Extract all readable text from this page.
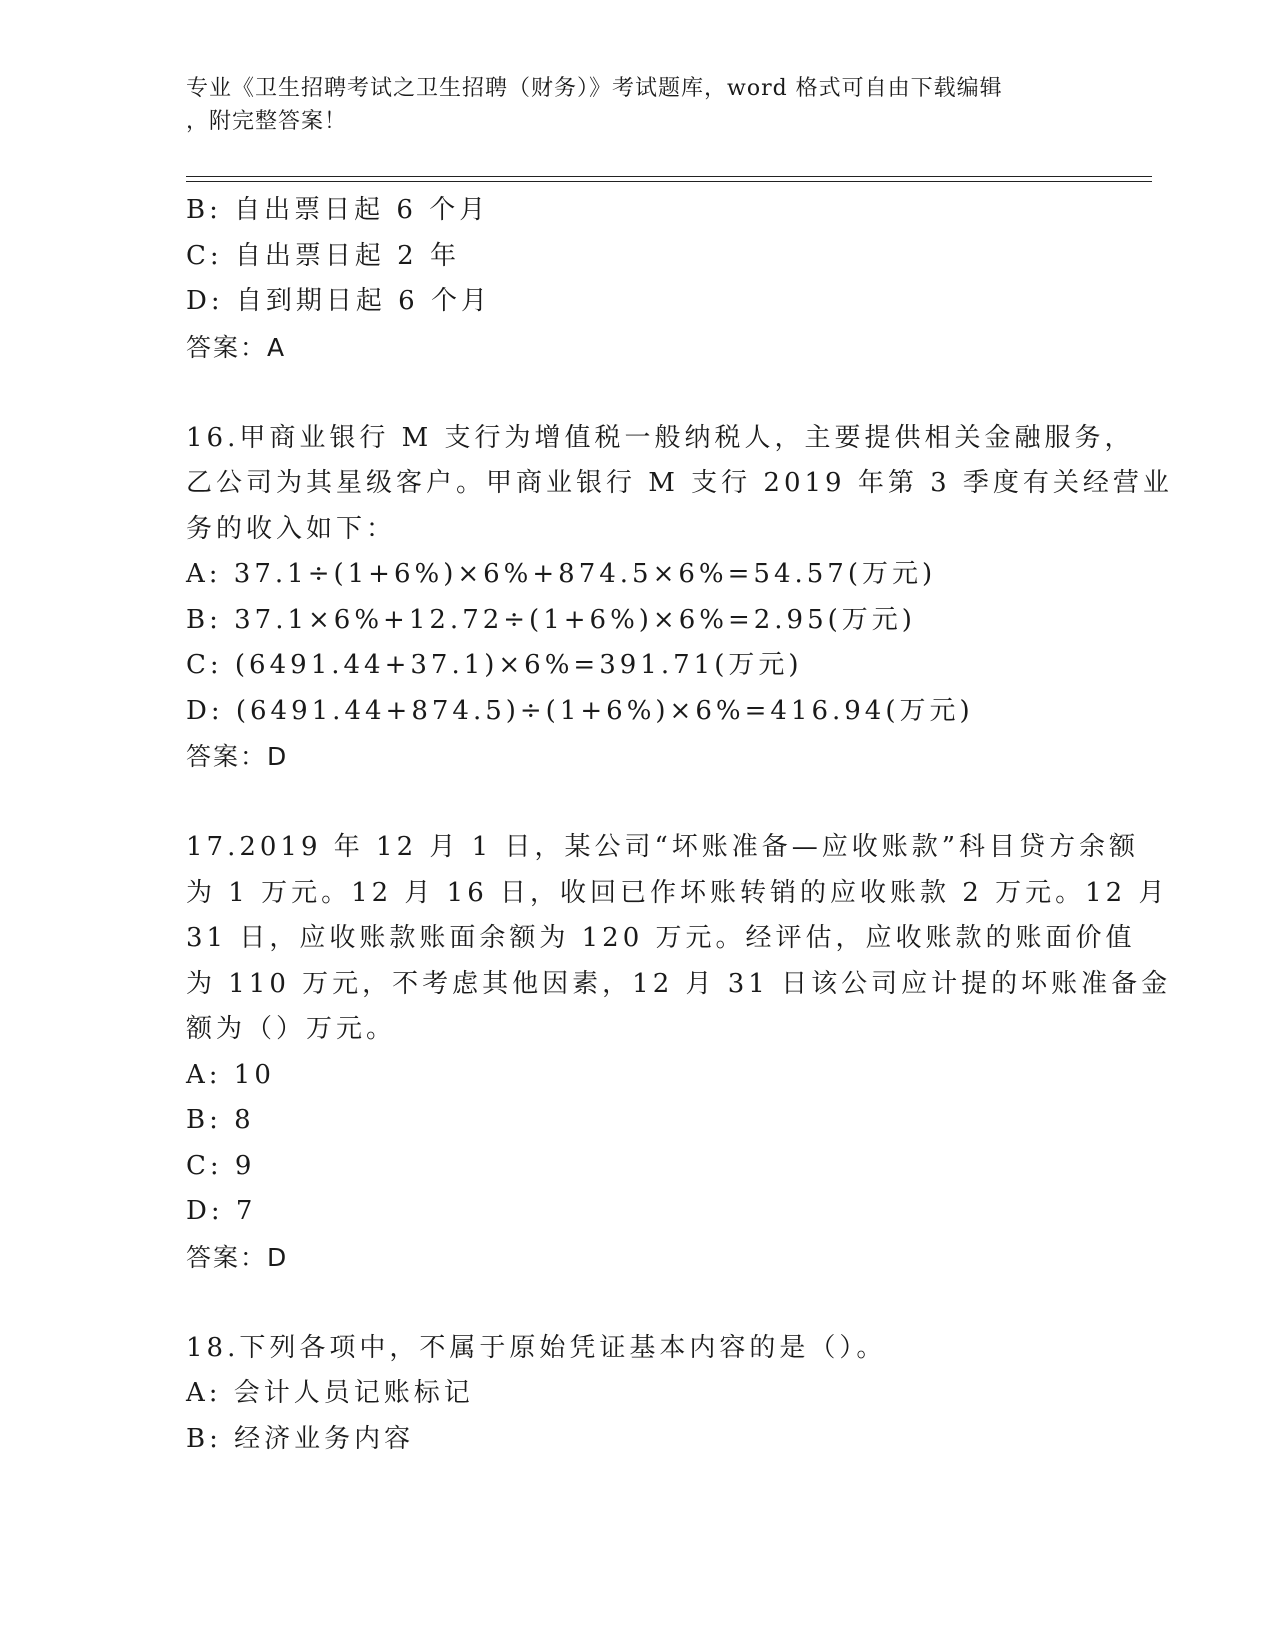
专业《卫生招聘考试之卫生招聘（财务）》考试题库，word 格式可自由下载编辑
，附完整答案！
B: 自出票日起 6 个月
C: 自出票日起 2 年
D: 自到期日起 6 个月
答案：A
16.甲商业银行 M 支行为增值税一般纳税人，主要提供相关金融服务，
乙公司为其星级客户。甲商业银行 M 支行 2019 年第 3 季度有关经营业
务的收入如下：
A: 37.1÷(1+6%)×6%+874.5×6%=54.57(万元)
B: 37.1×6%+12.72÷(1+6%)×6%=2.95(万元)
C: (6491.44+37.1)×6%=391.71(万元)
D: (6491.44+874.5)÷(1+6%)×6%=416.94(万元)
答案：D
17.2019 年 12 月 1 日，某公司“坏账准备—应收账款”科目贷方余额
为 1 万元。12 月 16 日，收回已作坏账转销的应收账款 2 万元。12 月
31 日，应收账款账面余额为 120 万元。经评估，应收账款的账面价值
为 110 万元，不考虑其他因素，12 月 31 日该公司应计提的坏账准备金
额为（）万元。
A: 10
B: 8
C: 9
D: 7
答案：D
18.下列各项中，不属于原始凭证基本内容的是（）。
A: 会计人员记账标记
B: 经济业务内容
